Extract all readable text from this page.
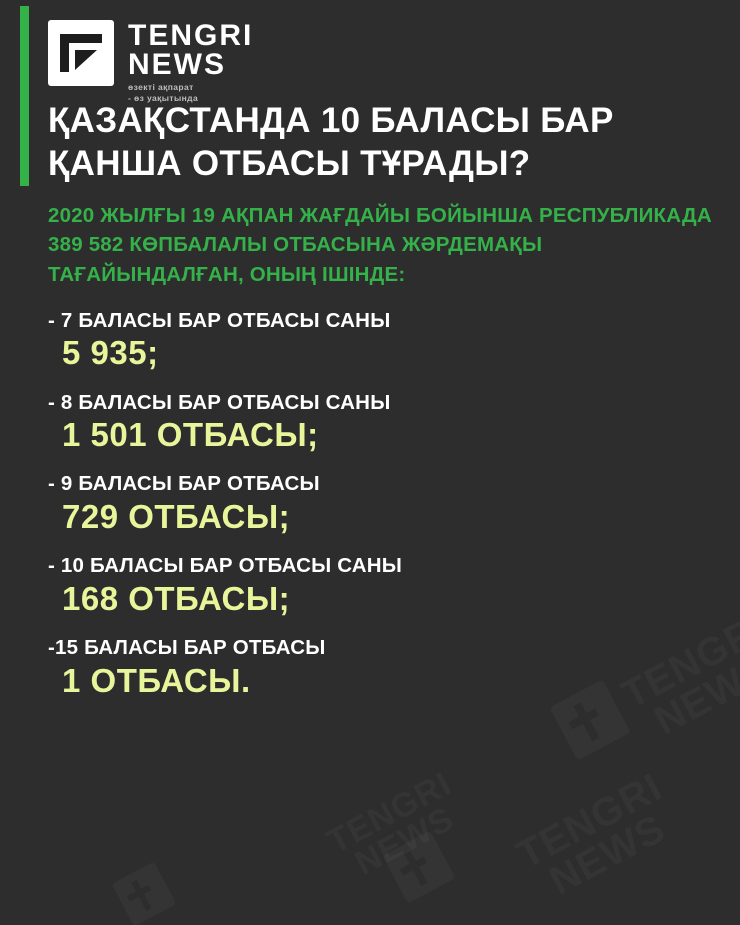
TENGRI
NEWS
өзекті ақпарат
- өз уақытында
ҚАЗАҚСТАНДА 10 БАЛАСЫ БАР ҚАНША ОТБАСЫ ТҰРАДЫ?

2020 ЖЫЛҒЫ 19 АҚПАН ЖАҒДАЙЫ БОЙЫНША РЕСПУБЛИКАДА 389 582 КӨПБАЛАЛЫ ОТБАСЫНА ЖӘРДЕМАҚЫ ТАҒАЙЫНДАЛҒАН, ОНЫҢ ІШІНДЕ:

- 7 БАЛАСЫ БАР ОТБАСЫ САНЫ
5 935;
- 8 БАЛАСЫ БАР ОТБАСЫ САНЫ
1 501 ОТБАСЫ;
- 9 БАЛАСЫ БАР ОТБАСЫ
729 ОТБАСЫ;
- 10 БАЛАСЫ БАР ОТБАСЫ САНЫ
168 ОТБАСЫ;
-15 БАЛАСЫ БАР ОТБАСЫ
1 ОТБАСЫ.
